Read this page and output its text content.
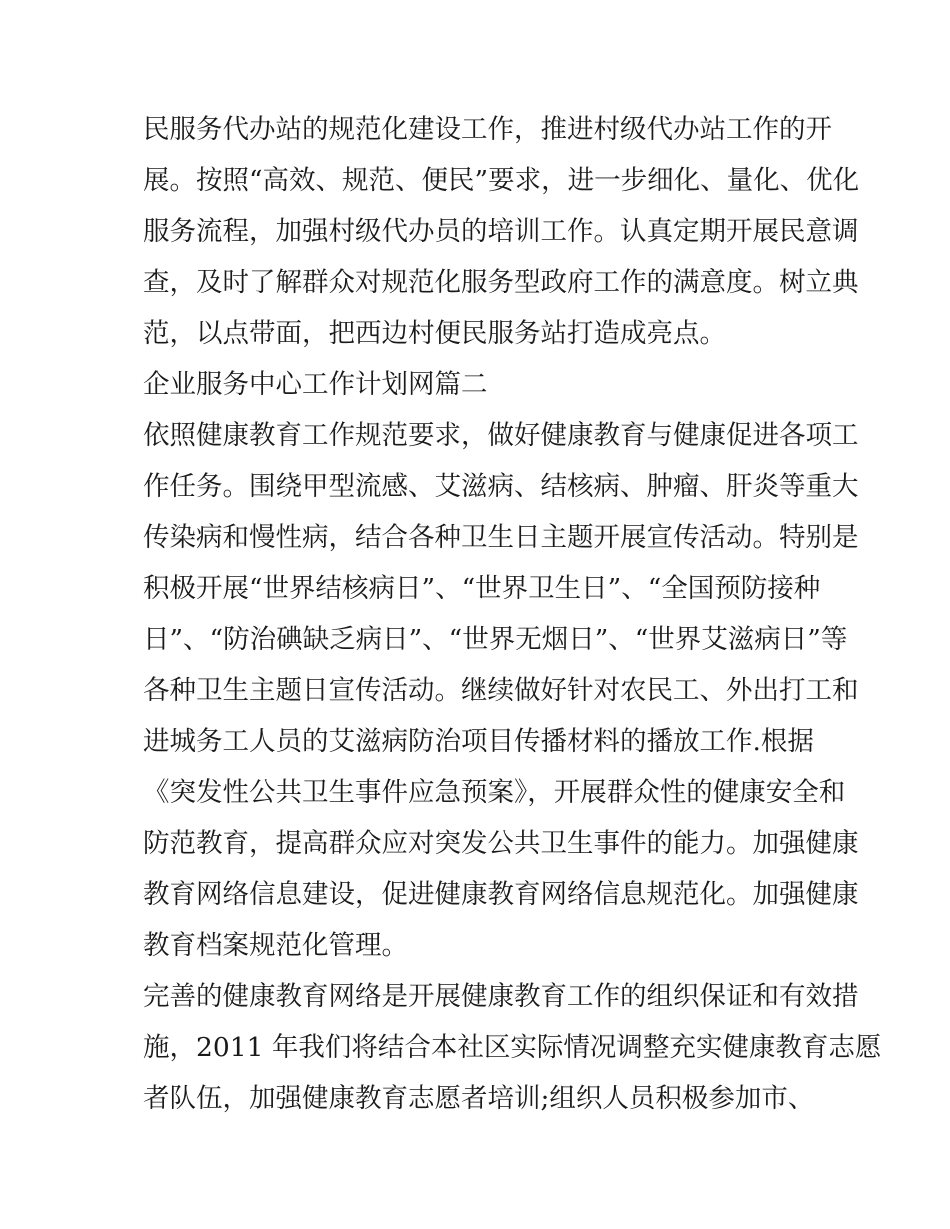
民服务代办站的规范化建设工作，推进村级代办站工作的开
展。按照“高效、规范、便民”要求，进一步细化、量化、优化
服务流程，加强村级代办员的培训工作。认真定期开展民意调
查，及时了解群众对规范化服务型政府工作的满意度。树立典
范，以点带面，把西边村便民服务站打造成亮点。
企业服务中心工作计划网篇二
依照健康教育工作规范要求，做好健康教育与健康促进各项工
作任务。围绕甲型流感、艾滋病、结核病、肿瘤、肝炎等重大
传染病和慢性病，结合各种卫生日主题开展宣传活动。特别是
积极开展“世界结核病日”、“世界卫生日”、“全国预防接种
日”、“防治碘缺乏病日”、“世界无烟日”、“世界艾滋病日”等
各种卫生主题日宣传活动。继续做好针对农民工、外出打工和
进城务工人员的艾滋病防治项目传播材料的播放工作.根据
《突发性公共卫生事件应急预案》，开展群众性的健康安全和
防范教育，提高群众应对突发公共卫生事件的能力。加强健康
教育网络信息建设，促进健康教育网络信息规范化。加强健康
教育档案规范化管理。
完善的健康教育网络是开展健康教育工作的组织保证和有效措
施，2011 年我们将结合本社区实际情况调整充实健康教育志愿
者队伍，加强健康教育志愿者培训;组织人员积极参加市、
